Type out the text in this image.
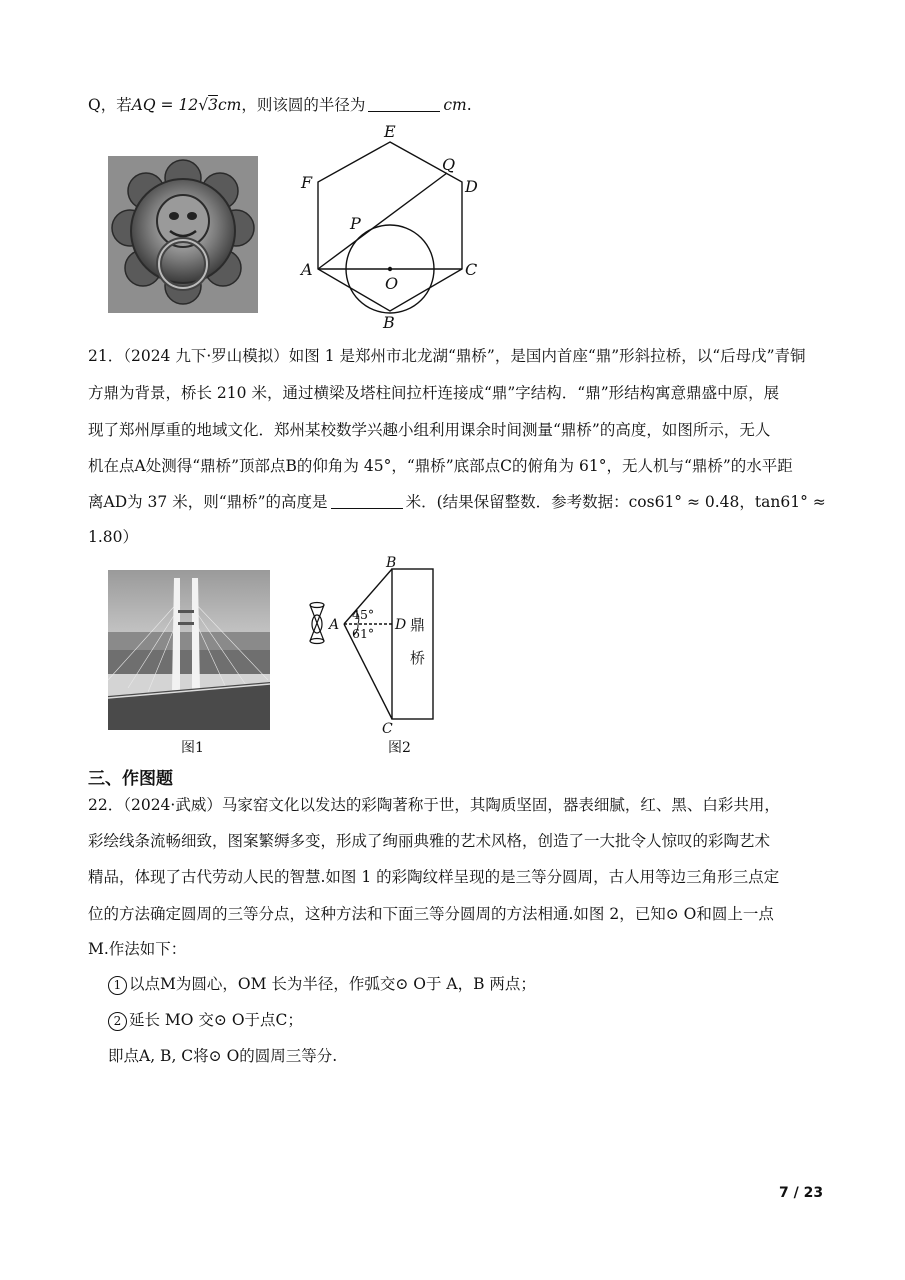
Q，若AQ = 12√3cm，则该圆的半径为	cm.
E
F
Q
D
P
A
O
C
B
21．（2024 九下·罗山模拟）如图 1 是郑州市北龙湖“鼎桥”，是国内首座“鼎”形斜拉桥，以“后母戊”青铜
方鼎为背景，桥长 210 米，通过横梁及塔柱间拉杆连接成“鼎”字结构．“鼎”形结构寓意鼎盛中原，展
现了郑州厚重的地域文化．郑州某校数学兴趣小组利用课余时间测量“鼎桥”的高度，如图所示，无人
机在点A处测得“鼎桥”顶部点B的仰角为 45°，“鼎桥”底部点C的俯角为 61°，无人机与“鼎桥”的水平距
离AD为 37 米，则“鼎桥”的高度是	米．(结果保留整数．参考数据：cos61° ≈ 0.48，tan61° ≈
1.80）
B
A	D
C
45°
61° 鼎
桥
图1	图2
三、作图题
22．（2024·武威）马家窑文化以发达的彩陶著称于世，其陶质坚固，器表细腻，红、黑、白彩共用，
彩绘线条流畅细致，图案繁缛多变，形成了绚丽典雅的艺术风格，创造了一大批令人惊叹的彩陶艺术
精品，体现了古代劳动人民的智慧.如图 1 的彩陶纹样呈现的是三等分圆周，古人用等边三角形三点定
位的方法确定圆周的三等分点，这种方法和下面三等分圆周的方法相通.如图 2，已知⊙ O和圆上一点
M.作法如下：
1 以点M为圆心，OM 长为半径，作弧交⊙ O于 A，B 两点；
2 延长 MO 交⊙ O于点C；
即点A, B, C将⊙ O的圆周三等分.
7 / 23
